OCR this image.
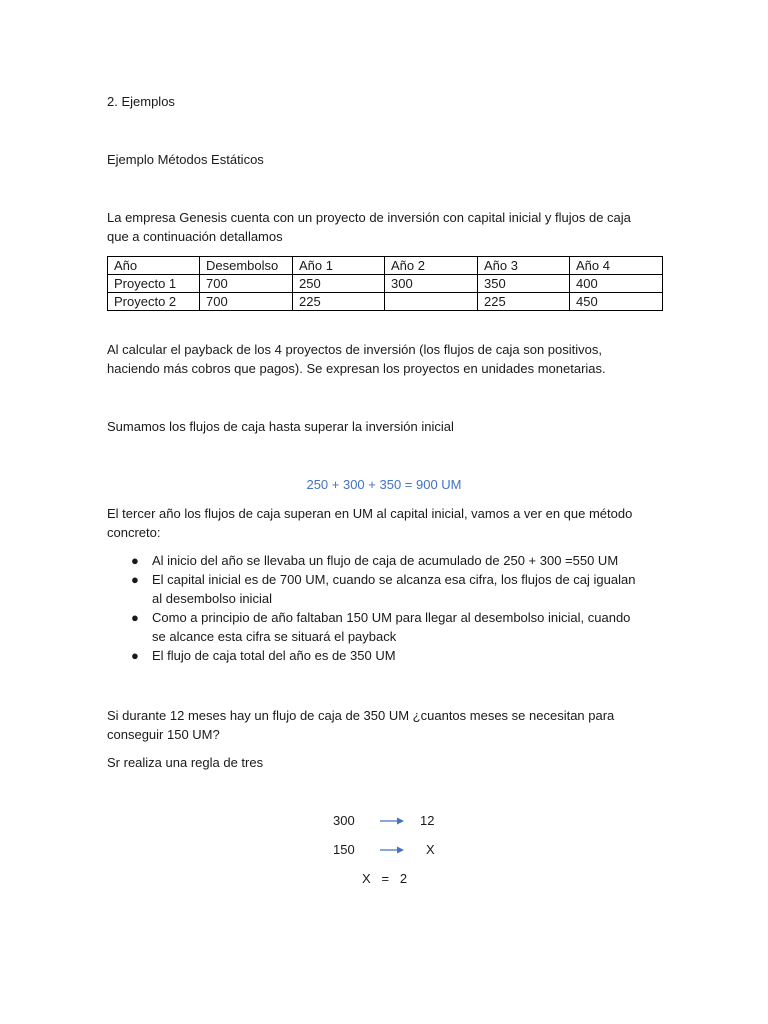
2. Ejemplos
Ejemplo Métodos Estáticos
La empresa Genesis cuenta con un proyecto de inversión con capital inicial y flujos de caja que a continuación detallamos
Año	Desembolso	Año 1	Año 2	Año 3	Año 4
Proyecto 1	700	250	300	350	400
Proyecto 2	700	225		225	450
Al calcular el payback de los 4 proyectos de inversión (los flujos de caja son positivos, haciendo más cobros que pagos). Se expresan los proyectos en unidades monetarias.
Sumamos los flujos de caja hasta superar la inversión inicial
250 + 300 + 350 = 900 UM
El tercer año los flujos de caja superan en UM al capital inicial, vamos a ver en que método concreto:
● Al inicio del año se llevaba un flujo de caja de acumulado de 250 + 300 =550 UM
● El capital inicial es de 700 UM, cuando se alcanza esa cifra, los flujos de caj igualan al desembolso inicial
● Como a principio de año faltaban 150 UM para llegar al desembolso inicial, cuando se alcance esta cifra se situará el payback
● El flujo de caja total del año es de 350 UM
Si durante 12 meses hay un flujo de caja de 350 UM ¿cuantos meses se necesitan para conseguir 150 UM?
Sr realiza una regla de tres
300	12
150	X
X   =   2
